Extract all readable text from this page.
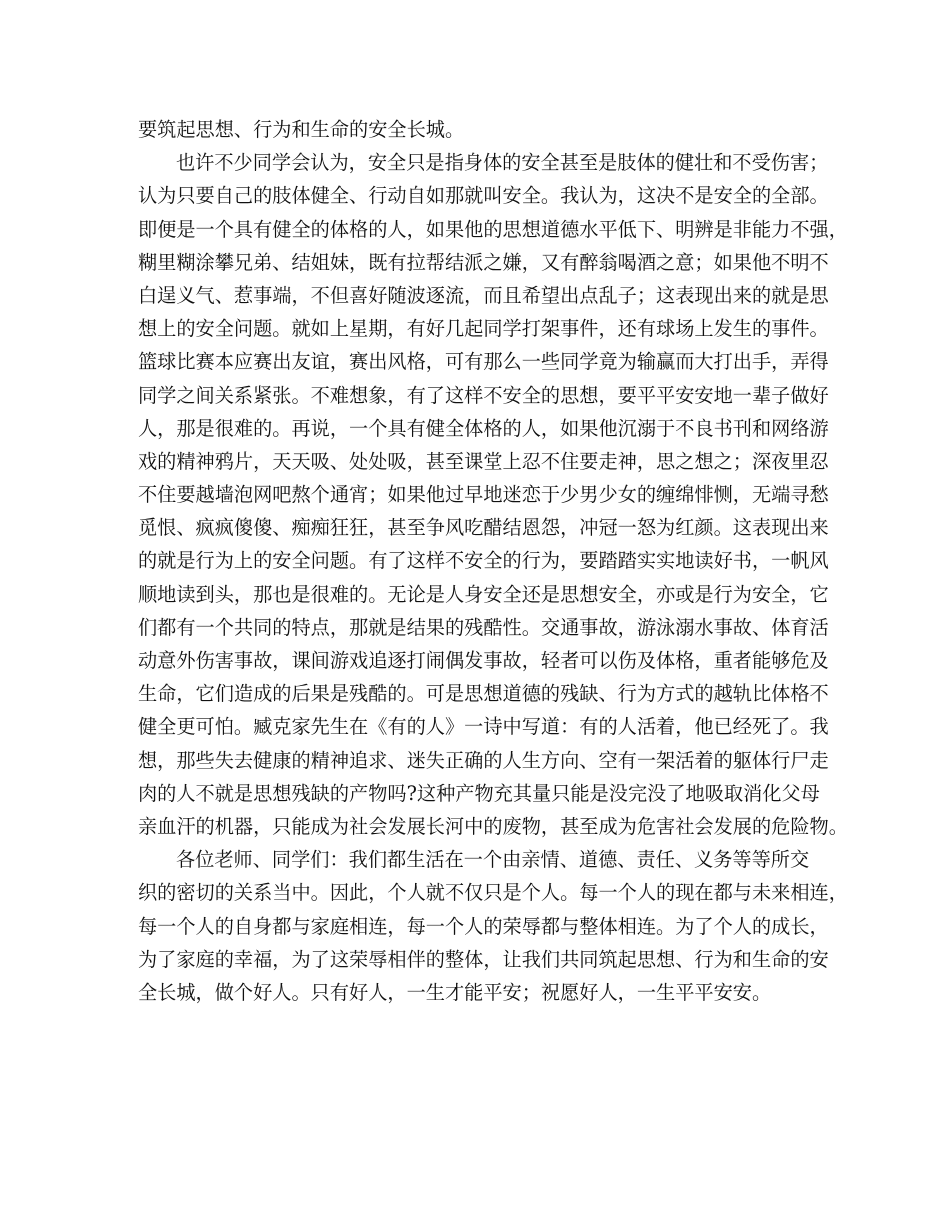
要筑起思想、行为和生命的安全长城。
也许不少同学会认为，安全只是指身体的安全甚至是肢体的健壮和不受伤害；
认为只要自己的肢体健全、行动自如那就叫安全。我认为，这决不是安全的全部。
即便是一个具有健全的体格的人，如果他的思想道德水平低下、明辨是非能力不强，
糊里糊涂攀兄弟、结姐妹，既有拉帮结派之嫌，又有醉翁喝酒之意；如果他不明不
白逞义气、惹事端，不但喜好随波逐流，而且希望出点乱子；这表现出来的就是思
想上的安全问题。就如上星期，有好几起同学打架事件，还有球场上发生的事件。
篮球比赛本应赛出友谊，赛出风格，可有那么一些同学竟为输赢而大打出手，弄得
同学之间关系紧张。不难想象，有了这样不安全的思想，要平平安安地一辈子做好
人，那是很难的。再说，一个具有健全体格的人，如果他沉溺于不良书刊和网络游
戏的精神鸦片，天天吸、处处吸，甚至课堂上忍不住要走神，思之想之；深夜里忍
不住要越墙泡网吧熬个通宵；如果他过早地迷恋于少男少女的缠绵悱恻，无端寻愁
觅恨、疯疯傻傻、痴痴狂狂，甚至争风吃醋结恩怨，冲冠一怒为红颜。这表现出来
的就是行为上的安全问题。有了这样不安全的行为，要踏踏实实地读好书，一帆风
顺地读到头，那也是很难的。无论是人身安全还是思想安全，亦或是行为安全，它
们都有一个共同的特点，那就是结果的残酷性。交通事故，游泳溺水事故、体育活
动意外伤害事故，课间游戏追逐打闹偶发事故，轻者可以伤及体格，重者能够危及
生命，它们造成的后果是残酷的。可是思想道德的残缺、行为方式的越轨比体格不
健全更可怕。臧克家先生在《有的人》一诗中写道：有的人活着，他已经死了。我
想，那些失去健康的精神追求、迷失正确的人生方向、空有一架活着的躯体行尸走
肉的人不就是思想残缺的产物吗?这种产物充其量只能是没完没了地吸取消化父母
亲血汗的机器，只能成为社会发展长河中的废物，甚至成为危害社会发展的危险物。
各位老师、同学们：我们都生活在一个由亲情、道德、责任、义务等等所交
织的密切的关系当中。因此，个人就不仅只是个人。每一个人的现在都与未来相连，
每一个人的自身都与家庭相连，每一个人的荣辱都与整体相连。为了个人的成长，
为了家庭的幸福，为了这荣辱相伴的整体，让我们共同筑起思想、行为和生命的安
全长城，做个好人。只有好人，一生才能平安；祝愿好人，一生平平安安。
